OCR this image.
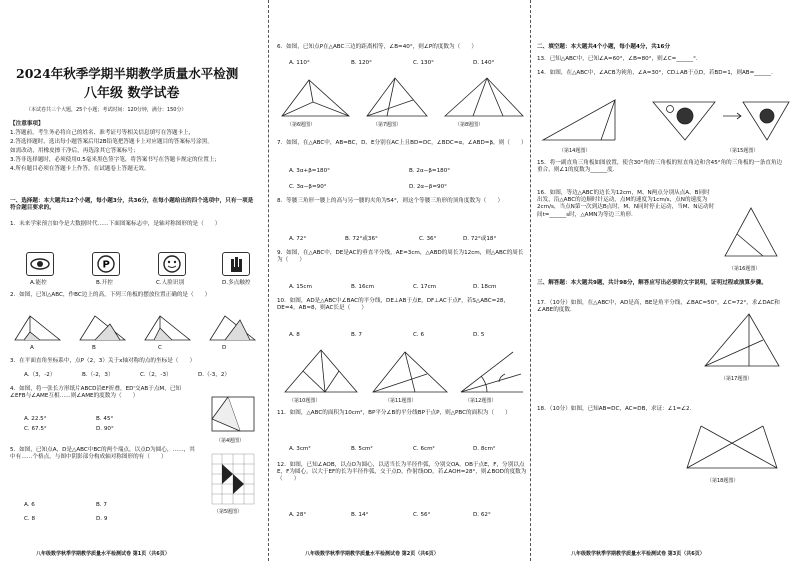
2024年秋季学期半期教学质量水平检测
八年级 数学试卷
（本试卷共三个大题，25个小题；考试时间：120分钟，满分：150分）
【注意事项】
1.答题前，考生务必将自己的姓名、准考证号等相关信息填写在答题卡上，
2.答选择题时，选出每小题答案后用2B铅笔把答题卡上对应题目的答案标号涂黑。
如需改动，用橡皮擦干净后，再选涂其它答案标号；
3.答非选择题时，必须使用0.5毫米黑色签字笔，将答案书写在答题卡规定的位置上；
4.所有题目必须在答题卡上作答，在试题卷上答题无效。
一、选择题：本大题共12个小题，每小题3分，共36分，在每小题给出的四个选项中，只有一项是符合题目要求的。
1．未来学家预言如今是大数据时代……下面图案标志中，是轴对称图形的是（　　）
P
A.能控	B.开控	C.人脸识别	D.多点触控
2．如图，已知△ABC，作BC边上的高，下列三角板的摆放位置正确的是（　　）
A	B	C	D
3．在平面直角坐标系中，点P（2，3）关于x轴对称的点的坐标是（　　）
A.（3，-2）	B.（-2，3）	C.（2，-3）	D.（-3，2）
4．如图，将一张长方形纸片ABCD沿EF折叠，ED'交AB于点M，已知∠EFB与∠AME互相……则∠AME的度数为（　　）
A. 22.5°	B. 45°
C. 67.5°	D. 90°
（第4题图）
5．如图，已知点A，D是△ABC中BC的两个端点，以点D为圆心，……，其中有……个格点，与图中阴影部分构成轴对称图形的有（　　）
（第5题图）
A. 6	B. 7
C. 8	D. 9
八年级数学秋季学期教学质量水平检测试卷 第1页（共6页）
6．如图，已知点P在△ABC三边的距离相等，∠B=40°，则∠P的度数为（　　）
A. 110°	B. 120°	C. 130°	D. 140°
（第6题图）	（第7题图）	（第8题图）
7．如图，在△ABC中，AB=BC，D、E分别在AC上且BD=DC，∠BDC=α，∠ABD=β，则（　　）
A. 3α+β=180°	B. 2α−β=180°
C. 3α−β=90°	D. 2α−β=90°
8．等腰三角形一腰上的高与另一腰的夹角为54°，则这个等腰三角形的顶角度数为（　　）
A. 72°	B. 72°或36°	C. 36°	D. 72°或18°
9．如图，在△ABC中，DE是AC的垂直平分线，AE=3cm，△ABD的周长为12cm，则△ABC的周长为（　　）
A. 15cm	B. 16cm	C. 17cm	D. 18cm
10．如图，AD是△ABC中∠BAC的平分线，DE⊥AB于点E，DF⊥AC于点F，若S△ABC=28，DE=4，AB=8，则AC长是（　　）
A. 8	B. 7	C. 6	D. 5
（第10题图）	（第11题图）	（第12题图）
11．如图，△ABC的面积为10cm²，BP平分∠B的平分线BP于点P，则△PBC的面积为（　　）
A. 3cm²	B. 5cm²	C. 6cm²	D. 8cm²
12．如图，已知∠AOB，以点O为圆心，以适当长为半径作弧，分别交OA，OB于点E，F，分别以点E，F为圆心，以大于EF的长为半径作弧，交于点D，作射线OD，若∠AOH=28°，则∠BOD的度数为（　　）
A. 28°	B. 14°	C. 56°	D. 62°
八年级数学秋季学期教学质量水平检测试卷 第2页（共6页）
二、填空题：本大题共4个小题，每小题4分，共16分
13．已知△ABC中，已知∠A=60°，∠B=80°，则∠C=______°.
14．如图，在△ABC中，∠ACB为钝角，∠A=30°，CD⊥AB于点D，若BD=1，则AB=______.
（第14题图）	（第15题图）
15．将一副直角三角板如图放置，使含30°角的三角板的短直角边和含45°角的三角板的一条直角边重合，则∠1的度数为______度.
16．如图，等边△ABC的边长为12cm，M、N两点分别从点A、B同时出发，沿△ABC的边顺时针运动，点M的速度为1cm/s，点N的速度为2cm/s，当点N第一次到达B点时，M、N同时停止运动，当M、N运动时间t=______s时，△AMN为等边三角形.
（第16题图）
三、解答题：本大题共9题，共计98分，解答应写出必要的文字说明，证明过程或演算步骤。
17．（10分）如图，在△ABC中，AD是高，BE是角平分线，∠BAC=50°，∠C=72°，求∠DAC和∠ABE的度数.
（第17题图）
18．（10分）如图，已知AB=DC，AC=DB，求证：∠1=∠2.
（第18题图）
八年级数学秋季学期教学质量水平检测试卷 第3页（共6页）
